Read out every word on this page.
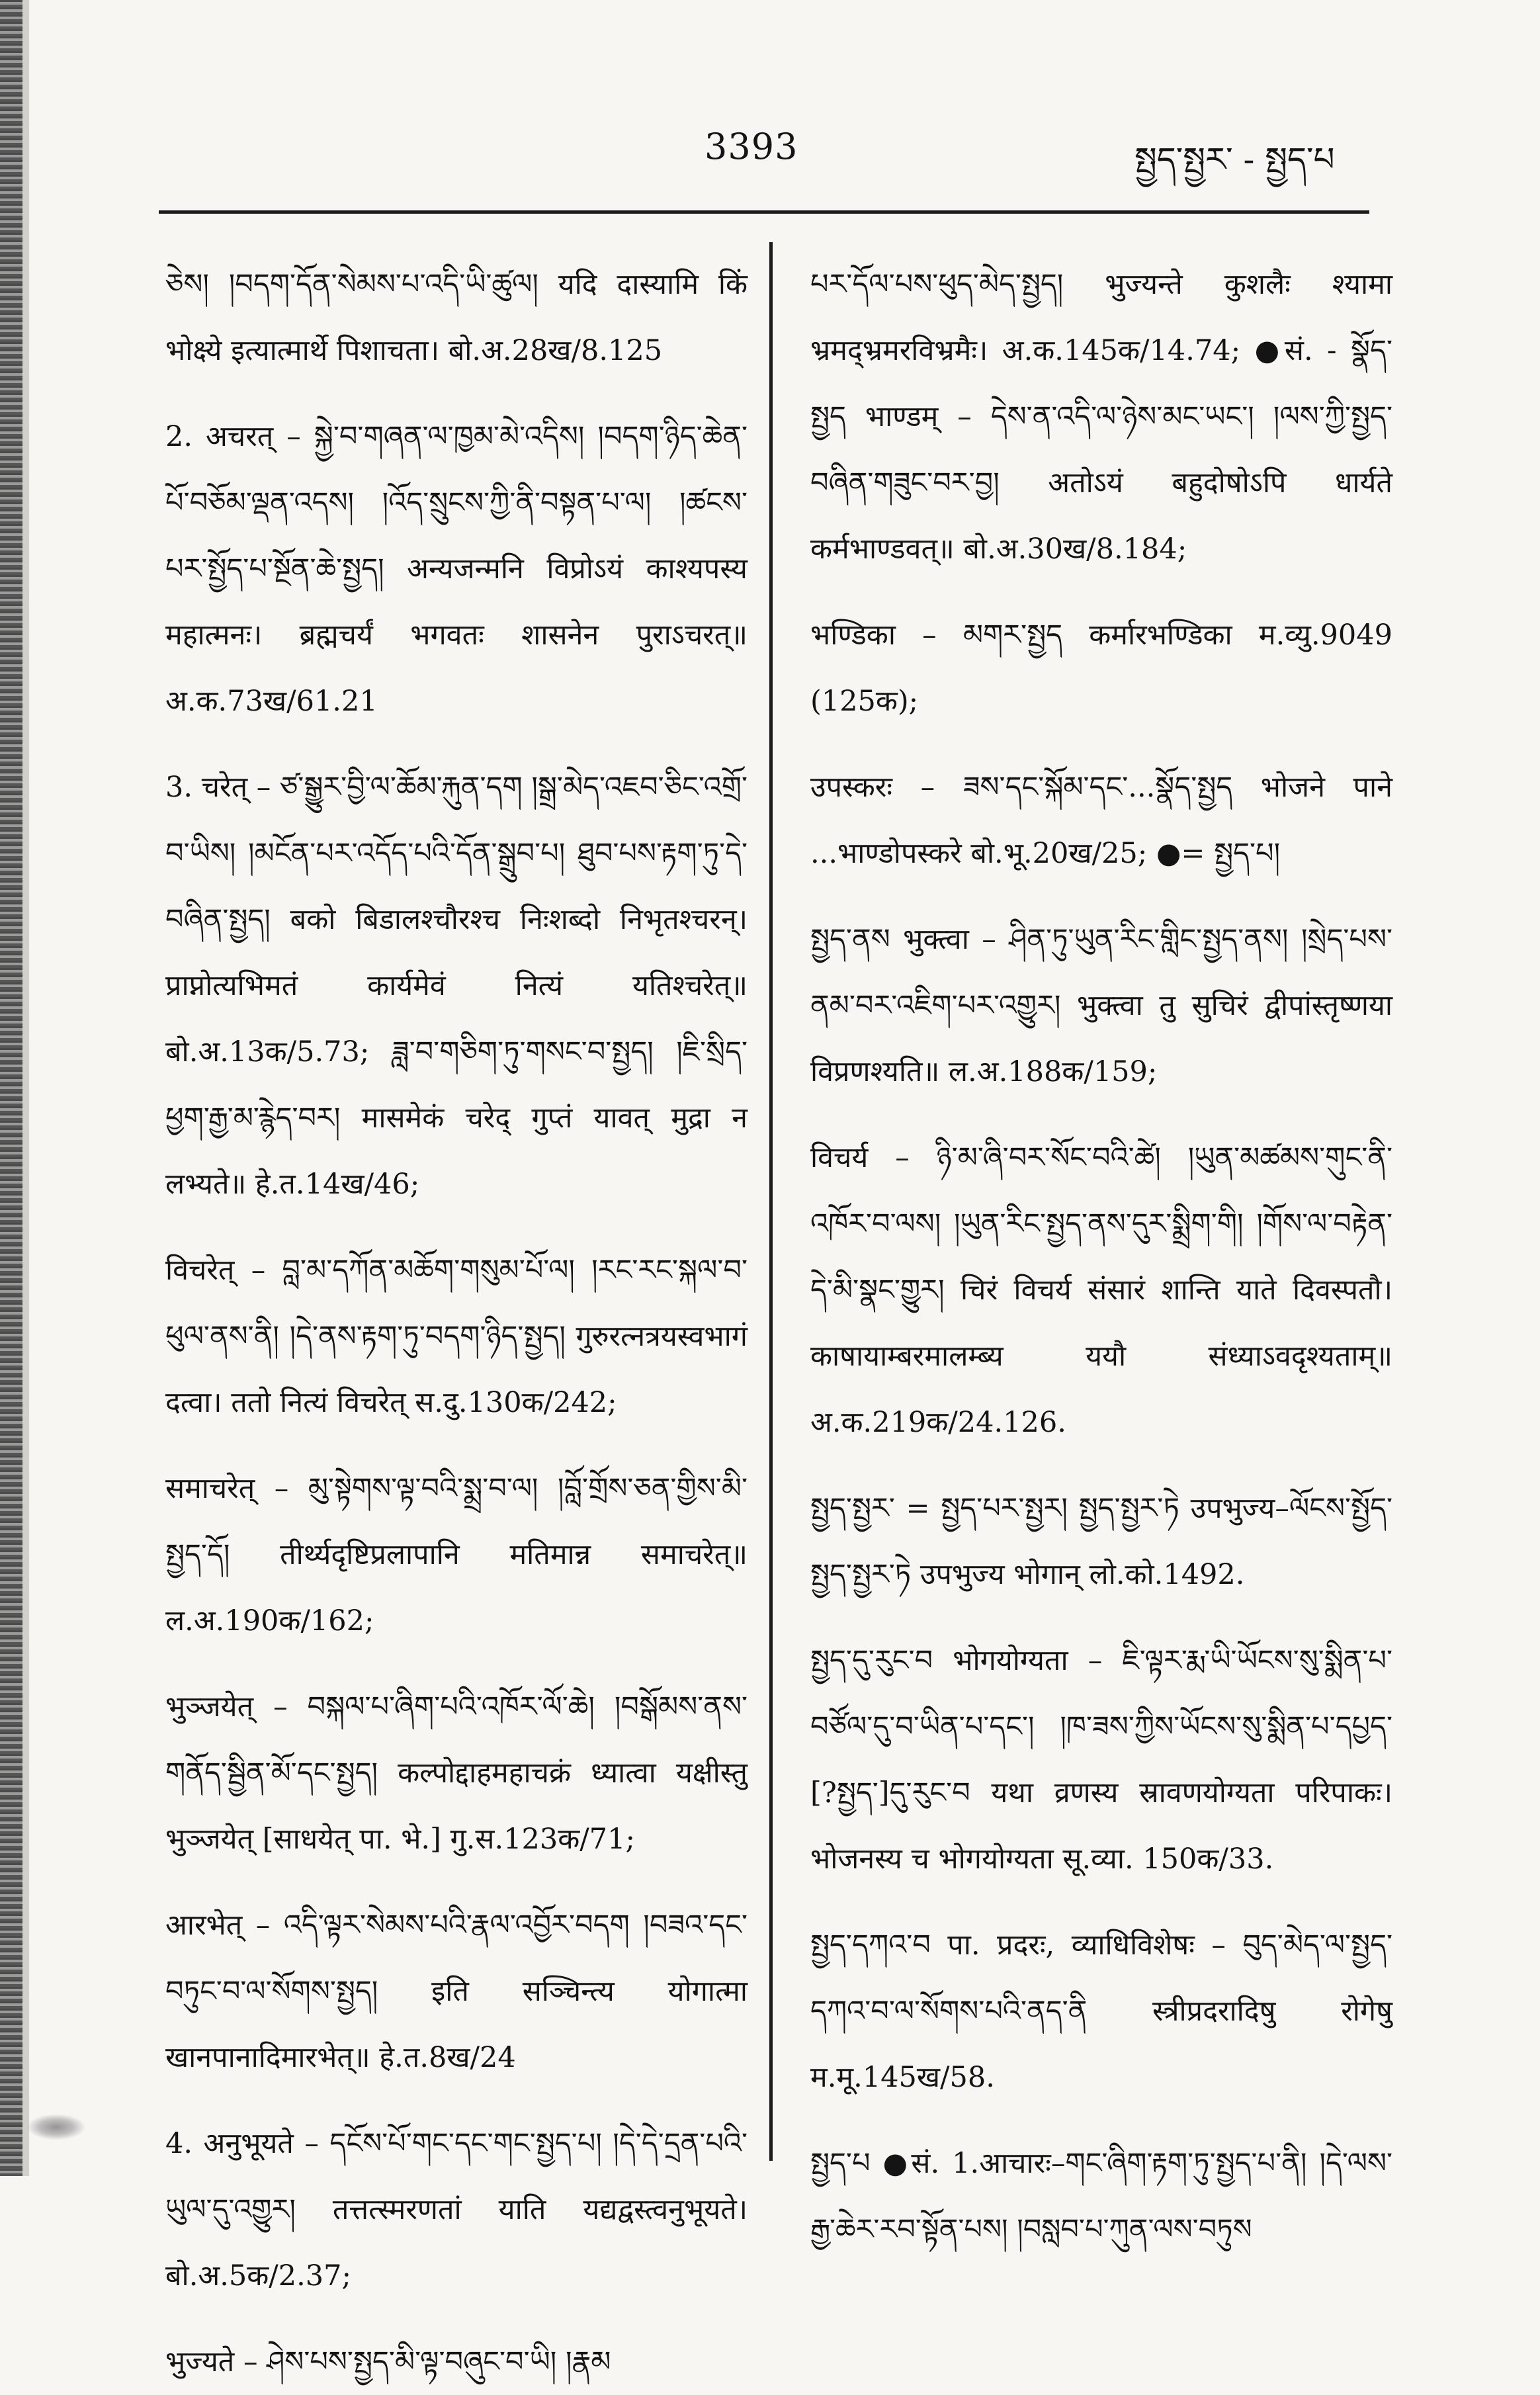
3393	སྤྱད་སྤྱར་ - སྤྱད་པ

ཅེས། །བདག་དོན་སེམས་པ་འདི་ཡི་ཚུལ། यदि दास्यामि किं भोक्ष्ये इत्यात्मार्थे पिशाचता। बो.अ.28ख/8.125

2. अचरत् – སྐྱེ་བ་གཞན་ལ་ཁྱམ་མེ་འདིས། །བདག་ཉིད་ཆེན་པོ་བཅོམ་ལྡན་འདས། །འོད་སྲུངས་ཀྱི་ནི་བསྟན་པ་ལ། །ཚངས་པར་སྤྱོད་པ་སྔོན་ཆེ་སྤྱད། अन्यजन्मनि विप्रोऽयं काश्यपस्य महात्मनः। ब्रह्मचर्यं भगवतः शासनेन पुराऽचरत्॥ अ.क.73ख/61.21

3. चरेत् – ཙ་སྒྱུར་བྱི་ལ་ཆོམ་རྐུན་དག །སྒྲ་མེད་འཇབ་ཅིང་འགྲོ་བ་ཡིས། །མངོན་པར་འདོད་པའི་དོན་སྒྲུབ་པ། ཐུབ་པས་རྟག་ཏུ་དེ་བཞིན་སྤྱད། बको बिडालश्चौरश्च निःशब्दो निभृतश्चरन्। प्राप्नोत्यभिमतं कार्यमेवं नित्यं यतिश्चरेत्॥ बो.अ.13क/5.73; ཟླ་བ་གཅིག་ཏུ་གསང་བ་སྤྱད། །ཇི་སྲིད་ཕྱག་རྒྱ་མ་རྙེད་བར། मासमेकं चरेद् गुप्तं यावत् मुद्रा न लभ्यते॥ हे.त.14ख/46;

विचरेत् – བླ་མ་དཀོན་མཆོག་གསུམ་པོ་ལ། །རང་རང་སྐལ་བ་ཕུལ་ནས་ནི། །དེ་ནས་རྟག་ཏུ་བདག་ཉིད་སྤྱད། गुरुरत्नत्रयस्वभागं दत्वा। ततो नित्यं विचरेत् स.दु.130क/242;

समाचरेत् – མུ་སྟེགས་ལྟ་བའི་སྨྲ་བ་ལ། །བློ་གྲོས་ཅན་གྱིས་མི་སྤྱད་དོ། तीर्थ्यदृष्टिप्रलापानि मतिमान्न समाचरेत्॥ ल.अ.190क/162;

भुञ्जयेत् – བསྐལ་པ་ཞིག་པའི་འཁོར་ལོ་ཆེ། །བསྒོམས་ནས་གནོད་སྦྱིན་མོ་དང་སྤྱད། कल्पोद्दाहमहाचक्रं ध्यात्वा यक्षीस्तु भुञ्जयेत् [साधयेत् पा. भे.] गु.स.123क/71;

आरभेत् – འདི་ལྟར་སེམས་པའི་རྣལ་འབྱོར་བདག །བཟའ་དང་བཏུང་བ་ལ་སོགས་སྤྱད། इति सञ्चिन्त्य योगात्मा खानपानादिमारभेत्॥ हे.त.8ख/24

4. अनुभूयते – དངོས་པོ་གང་དང་གང་སྤྱད་པ། །དེ་དེ་དྲན་པའི་ཡུལ་དུ་འགྱུར། तत्तत्स्मरणतां याति यद्यद्वस्त्वनुभूयते। बो.अ.5क/2.37;

भुज्यते – ཤེས་པས་སྤྱད་མི་ལྟ་བཞུང་བ་ཡི། །རྣམ

པར་དོལ་པས་ཕུད་མེད་སྤྱད། भुज्यन्ते कुशलैः श्यामा भ्रमद्भ्रमरविभ्रमैः। अ.क.145क/14.74; ●सं. - སྣོད་སྤྱད भाण्डम् – དེས་ན་འདི་ལ་ཉེས་མང་ཡང་། །ལས་ཀྱི་སྤྱད་བཞིན་གཟུང་བར་བྱ། अतोऽयं बहुदोषोऽपि धार्यते कर्मभाण्डवत्॥ बो.अ.30ख/8.184;

भण्डिका – མགར་སྤྱད कर्मारभण्डिका म.व्यु.9049 (125क);

उपस्करः – ཟས་དང་སྐོམ་དང་...སྣོད་སྤྱད भोजने पाने ...भाण्डोपस्करे बो.भू.20ख/25; ●= སྤྱད་པ།

སྤྱད་ནས भुक्त्वा – ཤིན་ཏུ་ཡུན་རིང་གླིང་སྤྱད་ནས། །སྲེད་པས་ནམ་བར་འཇིག་པར་འགྱུར། भुक्त्वा तु सुचिरं द्वीपांस्तृष्णया विप्रणश्यति॥ ल.अ.188क/159;

विचर्य – ཉི་མ་ཞི་བར་སོང་བའི་ཚེ། །ཡུན་མཚམས་གུང་ནི་འཁོར་བ་ལས། །ཡུན་རིང་སྤྱད་ནས་དུར་སྨྲིག་གི། །གོས་ལ་བརྟེན་དེ་མི་སྣང་གྱུར། चिरं विचर्य संसारं शान्ति याते दिवस्पतौ। काषायाम्बरमालम्ब्य ययौ संध्याऽवदृश्यताम्॥ अ.क.219क/24.126.

སྤྱད་སྤྱར་ = སྤྱད་པར་སྤྱར། སྤྱད་སྤྱར་ཏེ उपभुज्य–ལོངས་སྤྱོད་སྤྱད་སྤྱར་ཏེ उपभुज्य भोगान् लो.को.1492.

སྤྱད་དུ་རུང་བ भोगयोग्यता – ཇི་ལྟར་རྨ་ཡི་ཡོངས་སུ་སྨིན་པ་བཙོལ་དུ་བ་ཡིན་པ་དང་། །ཁ་ཟས་ཀྱིས་ཡོངས་སུ་སྨིན་པ་དཔྱད་[?སྤྱད་]དུ་རུང་བ यथा व्रणस्य स्रावणयोग्यता परिपाकः। भोजनस्य च भोगयोग्यता सू.व्या. 150क/33.

སྤྱད་དཀའ་བ पा. प्रदरः, व्याधिविशेषः – བུད་མེད་ལ་སྤྱད་དཀའ་བ་ལ་སོགས་པའི་ནད་ནི स्त्रीप्रदरादिषु रोगेषु म.मू.145ख/58.

སྤྱད་པ ●सं. 1.आचारः–གང་ཞིག་རྟག་ཏུ་སྤྱད་པ་ནི། །དེ་ལས་རྒྱ་ཆེར་རབ་སྟོན་པས། །བསླབ་པ་ཀུན་ལས་བཏུས
